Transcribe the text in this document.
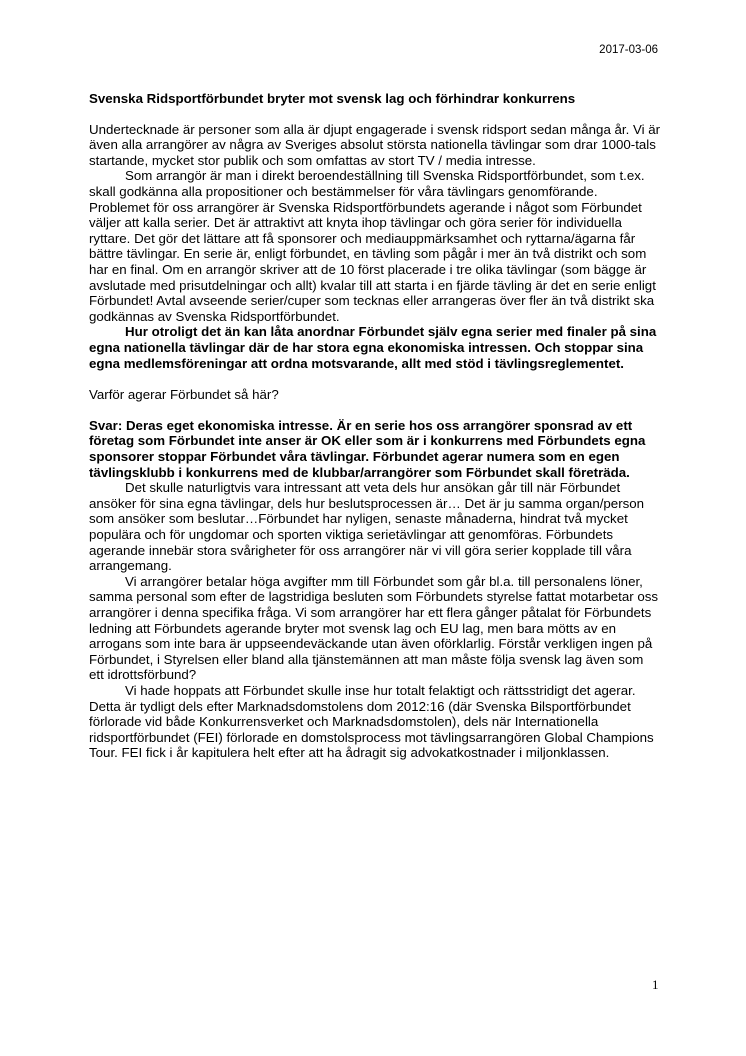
2017-03-06
Svenska Ridsportförbundet bryter mot svensk lag och förhindrar konkurrens

Undertecknade är personer som alla är djupt engagerade i svensk ridsport sedan många år. Vi är även alla arrangörer av några av Sveriges absolut största nationella tävlingar som drar 1000-tals startande, mycket stor publik och som omfattas av stort TV / media intresse.

Som arrangör är man i direkt beroendeställning till Svenska Ridsportförbundet, som t.ex. skall godkänna alla propositioner och bestämmelser för våra tävlingars genomförande. Problemet för oss arrangörer är Svenska Ridsportförbundets agerande i något som Förbundet väljer att kalla serier. Det är attraktivt att knyta ihop tävlingar och göra serier för individuella ryttare. Det gör det lättare att få sponsorer och mediauppmärksamhet och ryttarna/ägarna får bättre tävlingar. En serie är, enligt förbundet, en tävling som pågår i mer än två distrikt och som har en final. Om en arrangör skriver att de 10 först placerade i tre olika tävlingar (som bägge är avslutade med prisutdelningar och allt) kvalar till att starta i en fjärde tävling är det en serie enligt Förbundet! Avtal avseende serier/cuper som tecknas eller arrangeras över fler än två distrikt ska godkännas av Svenska Ridsportförbundet.

Hur otroligt det än kan låta anordnar Förbundet själv egna serier med finaler på sina egna nationella tävlingar där de har stora egna ekonomiska intressen. Och stoppar sina egna medlemsföreningar att ordna motsvarande, allt med stöd i tävlingsreglementet.

Varför agerar Förbundet så här?

Svar: Deras eget ekonomiska intresse. Är en serie hos oss arrangörer sponsrad av ett företag som Förbundet inte anser är OK eller som är i konkurrens med Förbundets egna sponsorer stoppar Förbundet våra tävlingar. Förbundet agerar numera som en egen tävlingsklubb i konkurrens med de klubbar/arrangörer som Förbundet skall företräda.

Det skulle naturligtvis vara intressant att veta dels hur ansökan går till när Förbundet ansöker för sina egna tävlingar, dels hur beslutsprocessen är… Det är ju samma organ/person som ansöker som beslutar…Förbundet har nyligen, senaste månaderna, hindrat två mycket populära och för ungdomar och sporten viktiga serietävlingar att genomföras. Förbundets agerande innebär stora svårigheter för oss arrangörer när vi vill göra serier kopplade till våra arrangemang.

Vi arrangörer betalar höga avgifter mm till Förbundet som går bl.a. till personalens löner, samma personal som efter de lagstridiga besluten som Förbundets styrelse fattat motarbetar oss arrangörer i denna specifika fråga. Vi som arrangörer har ett flera gånger påtalat för Förbundets ledning att Förbundets agerande bryter mot svensk lag och EU lag, men bara mötts av en arrogans som inte bara är uppseendeväckande utan även oförklarlig. Förstår verkligen ingen på Förbundet, i Styrelsen eller bland alla tjänstemännen att man måste följa svensk lag även som ett idrottsförbund?

Vi hade hoppats att Förbundet skulle inse hur totalt felaktigt och rättsstridigt det agerar. Detta är tydligt dels efter Marknadsdomstolens dom 2012:16 (där Svenska Bilsportförbundet förlorade vid både Konkurrensverket och Marknadsdomstolen), dels när Internationella ridsportförbundet (FEI) förlorade en domstolsprocess mot tävlingsarrangören Global Champions Tour. FEI fick i år kapitulera helt efter att ha ådragit sig advokatkostnader i miljonklassen.

1
